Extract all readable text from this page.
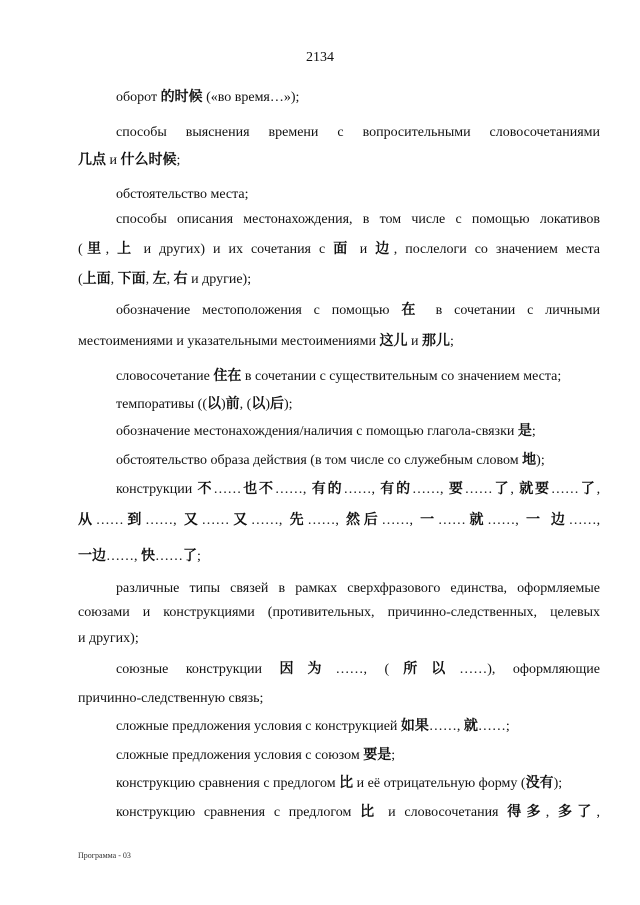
2134
оборот 的时候 («во время…»);
способы выяснения времени с вопросительными словосочетаниями
几点 и 什么时候;
обстоятельство места;
способы описания местонахождения, в том числе с помощью локативов
(里, 上 и других) и их сочетания с 面 и 边, послелоги со значением места
(上面, 下面, 左, 右 и другие);
обозначение местоположения с помощью 在 в сочетании с личными
местоимениями и указательными местоимениями 这儿 и 那儿;
словосочетание 住在 в сочетании с существительным со значением места;
темпоративы ((以)前, (以)后);
обозначение местонахождения/наличия с помощью глагола-связки 是;
обстоятельство образа действия (в том числе со служебным словом 地);
конструкции 不……也不……, 有的……, 有的……, 要……了, 就要……了,
从……到……, 又……又……, 先……, 然后……, 一……就……, 一 边……,
一边……, 快……了;
различные типы связей в рамках сверхфразового единства, оформляемые
союзами и конструкциями (противительных, причинно-следственных, целевых
и других);
союзные конструкции 因为……, (所以……), оформляющие
причинно-следственную связь;
сложные предложения условия с конструкцией 如果……, 就……;
сложные предложения условия с союзом 要是;
конструкцию сравнения с предлогом 比 и её отрицательную форму (没有);
конструкцию сравнения с предлогом 比 и словосочетания 得多, 多了,
Программа - 03
